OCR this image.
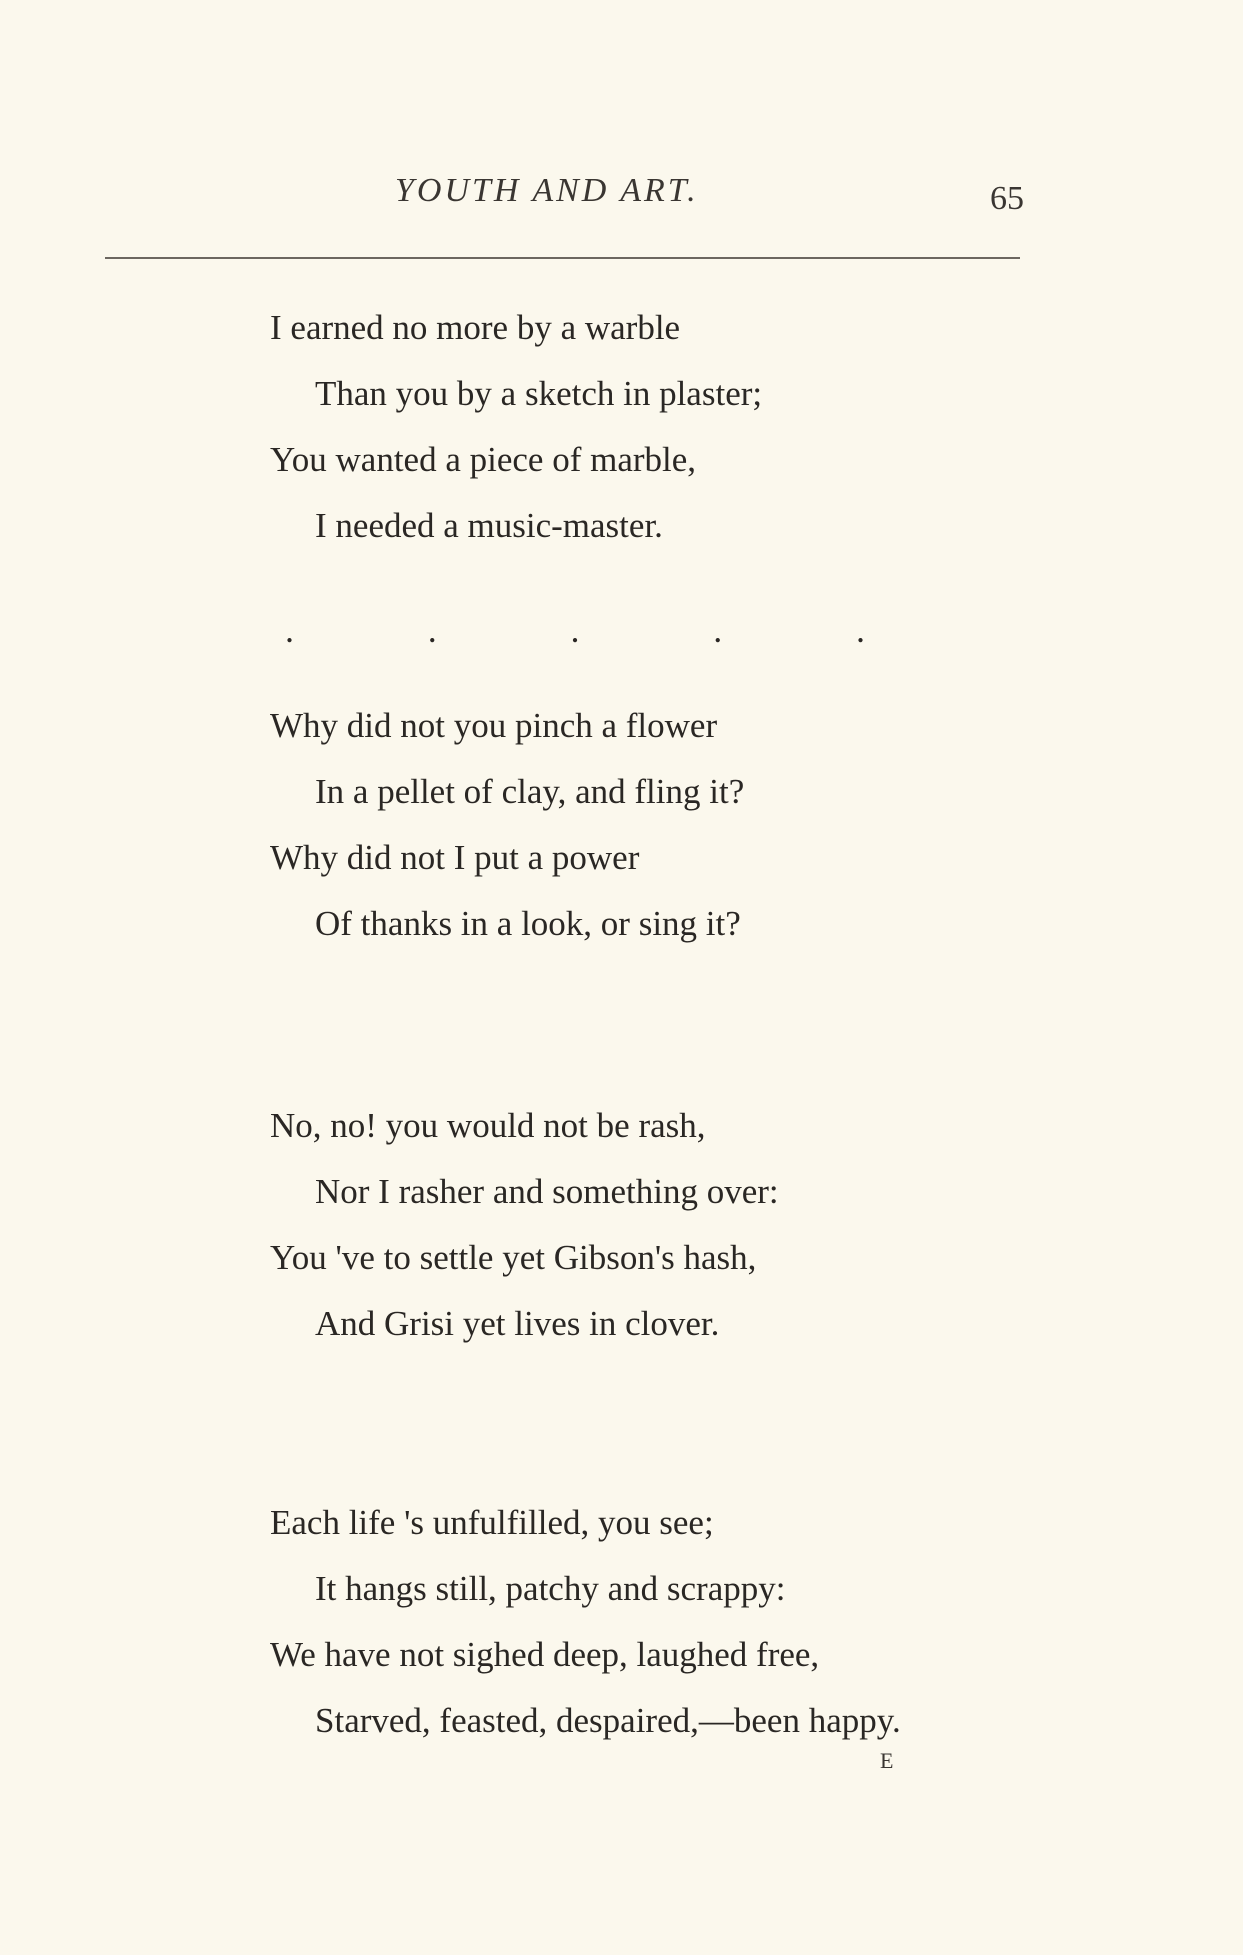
YOUTH AND ART.	65
I earned no more by a warble
Than you by a sketch in plaster;
You wanted a piece of marble,
I needed a music-master.
.	.	.	.	.
Why did not you pinch a flower
In a pellet of clay, and fling it?
Why did not I put a power
Of thanks in a look, or sing it?
No, no! you would not be rash,
Nor I rasher and something over:
You 've to settle yet Gibson's hash,
And Grisi yet lives in clover.
Each life 's unfulfilled, you see;
It hangs still, patchy and scrappy:
We have not sighed deep, laughed free,
Starved, feasted, despaired,—been happy.
E
